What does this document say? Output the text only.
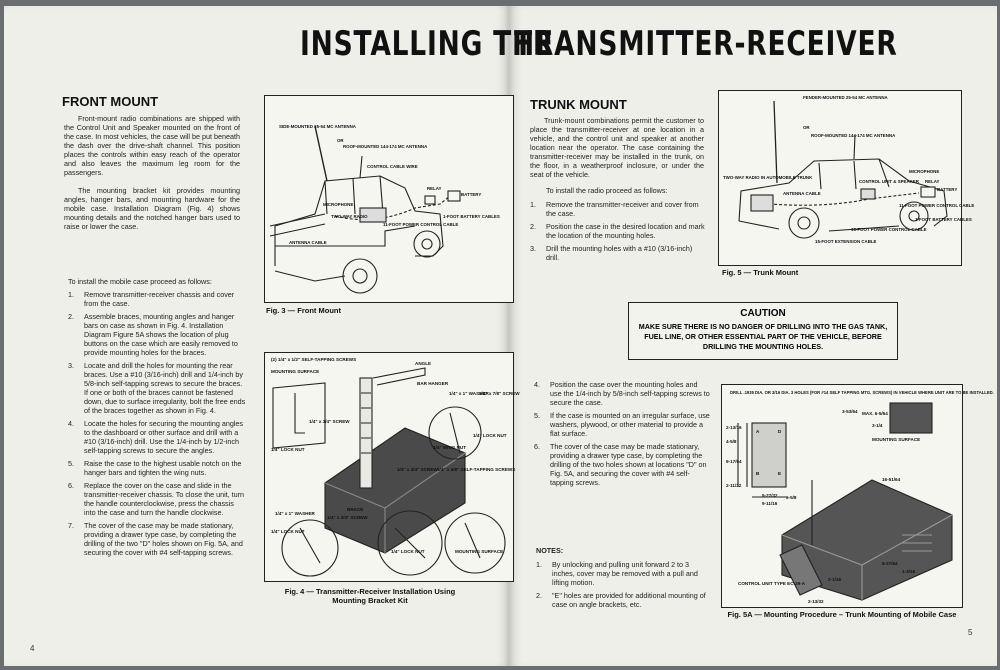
INSTALLING THE
TRANSMITTER-RECEIVER
FRONT MOUNT

Front-mount radio combinations are shipped with the Control Unit and Speaker mounted on the front of the case. In most vehicles, the case will be put beneath the dash over the drive-shaft channel. This position places the controls within easy reach of the operator and also leaves the maximum leg room for the passengers.

The mounting bracket kit provides mounting angles, hanger bars, and mounting hardware for the mobile case. Installation Diagram (Fig. 4) shows mounting details and the notched hanger bars used to raise or lower the case.

To install the mobile case proceed as follows:

1. Remove transmitter-receiver chassis and cover from the case.
2. Assemble braces, mounting angles and hanger bars on case as shown in Fig. 4. Installation Diagram Figure 5A shows the location of plug buttons on the case which are easily removed to provide mounting holes for the braces.
3. Locate and drill the holes for mounting the rear braces. Use a #10 (3/16-inch) drill and 1/4-inch by 5/8-inch self-tapping screws to secure the braces. If one or both of the braces cannot be fastened down, due to surface irregularity, bolt the free ends of the braces together as shown in Fig. 4.
4. Locate the holes for securing the mounting angles to the dashboard or other surface and drill with a #10 (3/16-inch) drill. Use the 1/4-inch by 1/2-inch self-tapping screws to secure the angles.
5. Raise the case to the highest usable notch on the hanger bars and tighten the wing nuts.
6. Replace the cover on the case and slide in the transmitter-receiver chassis. To close the unit, turn the handle counterclockwise, press the chassis into the case and turn the handle clockwise.
7. The cover of the case may be made stationary, providing a drawer type case, by completing the drilling of the two "D" holes shown on Fig. 5A, and securing the cover with #4 self-tapping screws.
4
SIDE-MOUNTED 25-54 MC ANTENNA
OR
ROOF-MOUNTED 144-174 MC ANTENNA
CONTROL CABLE WIRE
RELAY
BATTERY
MICROPHONE
TWO-WAY RADIO
11-FOOT POWER CONTROL CABLE
1-FOOT BATTERY CABLES
ANTENNA CABLE
Fig. 3 — Front Mount
(2) 1/4" x 1/2" SELF-TAPPING SCREWS
MOUNTING SURFACE
ANGLE
BAR HANGER
1/4" x 1" WASHER
1/4" x 7/8" SCREW
1/4" x 3/4" SCREW
1/4" LOCK NUT	1/4" WING NUT
1/4" LOCK NUT
1/4" x 3/4" SCREW 1/4" x 5/8" SELF-TAPPING SCREWS
BRACE
1/4" x 1" WASHER
1/4" x 3/4" SCREW
1/4" LOCK NUT
1/4" LOCK NUT	MOUNTING SURFACE
Fig. 4 — Transmitter-Receiver Installation Using Mounting Bracket Kit
TRUNK MOUNT

Trunk-mount combinations permit the customer to place the transmitter-receiver at one location in a vehicle, and the control unit and speaker at another location near the operator. The case containing the transmitter-receiver may be installed in the trunk, on the floor, in a weatherproof inclosure, or under the seat of the vehicle.

To install the radio proceed as follows:

1. Remove the transmitter-receiver and cover from the case.
2. Position the case in the desired location and mark the location of the mounting holes.
3. Drill the mounting holes with a #10 (3/16-inch) drill.
4. Position the case over the mounting holes and use the 1/4-inch by 5/8-inch self-tapping screws to secure the case.
5. If the case is mounted on an irregular surface, use washers, plywood, or other material to provide a flat surface.
6. The cover of the case may be made stationary, providing a drawer type case, by completing the drilling of the two holes shown at locations "D" on Fig. 5A, and securing the cover with #4 self-tapping screws.
NOTES:
1. By unlocking and pulling unit forward 2 to 3 inches, cover may be removed with a pull and lifting motion.
2. "E" holes are provided for additional mounting of case on angle brackets, etc.
5
CAUTION
MAKE SURE THERE IS NO DANGER OF DRILLING INTO THE GAS TANK, FUEL LINE, OR OTHER ESSENTIAL PART OF THE VEHICLE, BEFORE DRILLING THE MOUNTING HOLES.
FENDER-MOUNTED 25-54 MC ANTENNA
OR
ROOF-MOUNTED 144-174 MC ANTENNA
TWO-WAY RADIO IN AUTOMOBILE TRUNK
ANTENNA CABLE
CONTROL UNIT & SPEAKER
MICROPHONE
11-FOOT POWER CONTROL CABLE
1-FOOT BATTERY CABLES
RELAY
BATTERY
15-FOOT POWER CONTROL CABLE
15-FOOT EXTENSION CABLE
Fig. 5 — Trunk Mount
DRILL .1935 DIA. OR 3/16 DIA. 3 HOLES (FOR #14 SELF TAPPING MTG. SCREWS) IN VEHICLE WHERE UNIT ARE TO BE INSTALLED.
MAX. 6-5/64
MOUNTING SURFACE
2-13/16
4-5/8
9-17/64
2-11/32
5-27/32
9-11/16
16-51/64
6-5/8
2-1/16
2-13/32
3-53/64
3-1/4
5-27/64
1-3/16
A
B	E
D
CONTROL UNIT TYPE EC-29-A
Fig. 5A — Mounting Procedure – Trunk Mounting of Mobile Case
